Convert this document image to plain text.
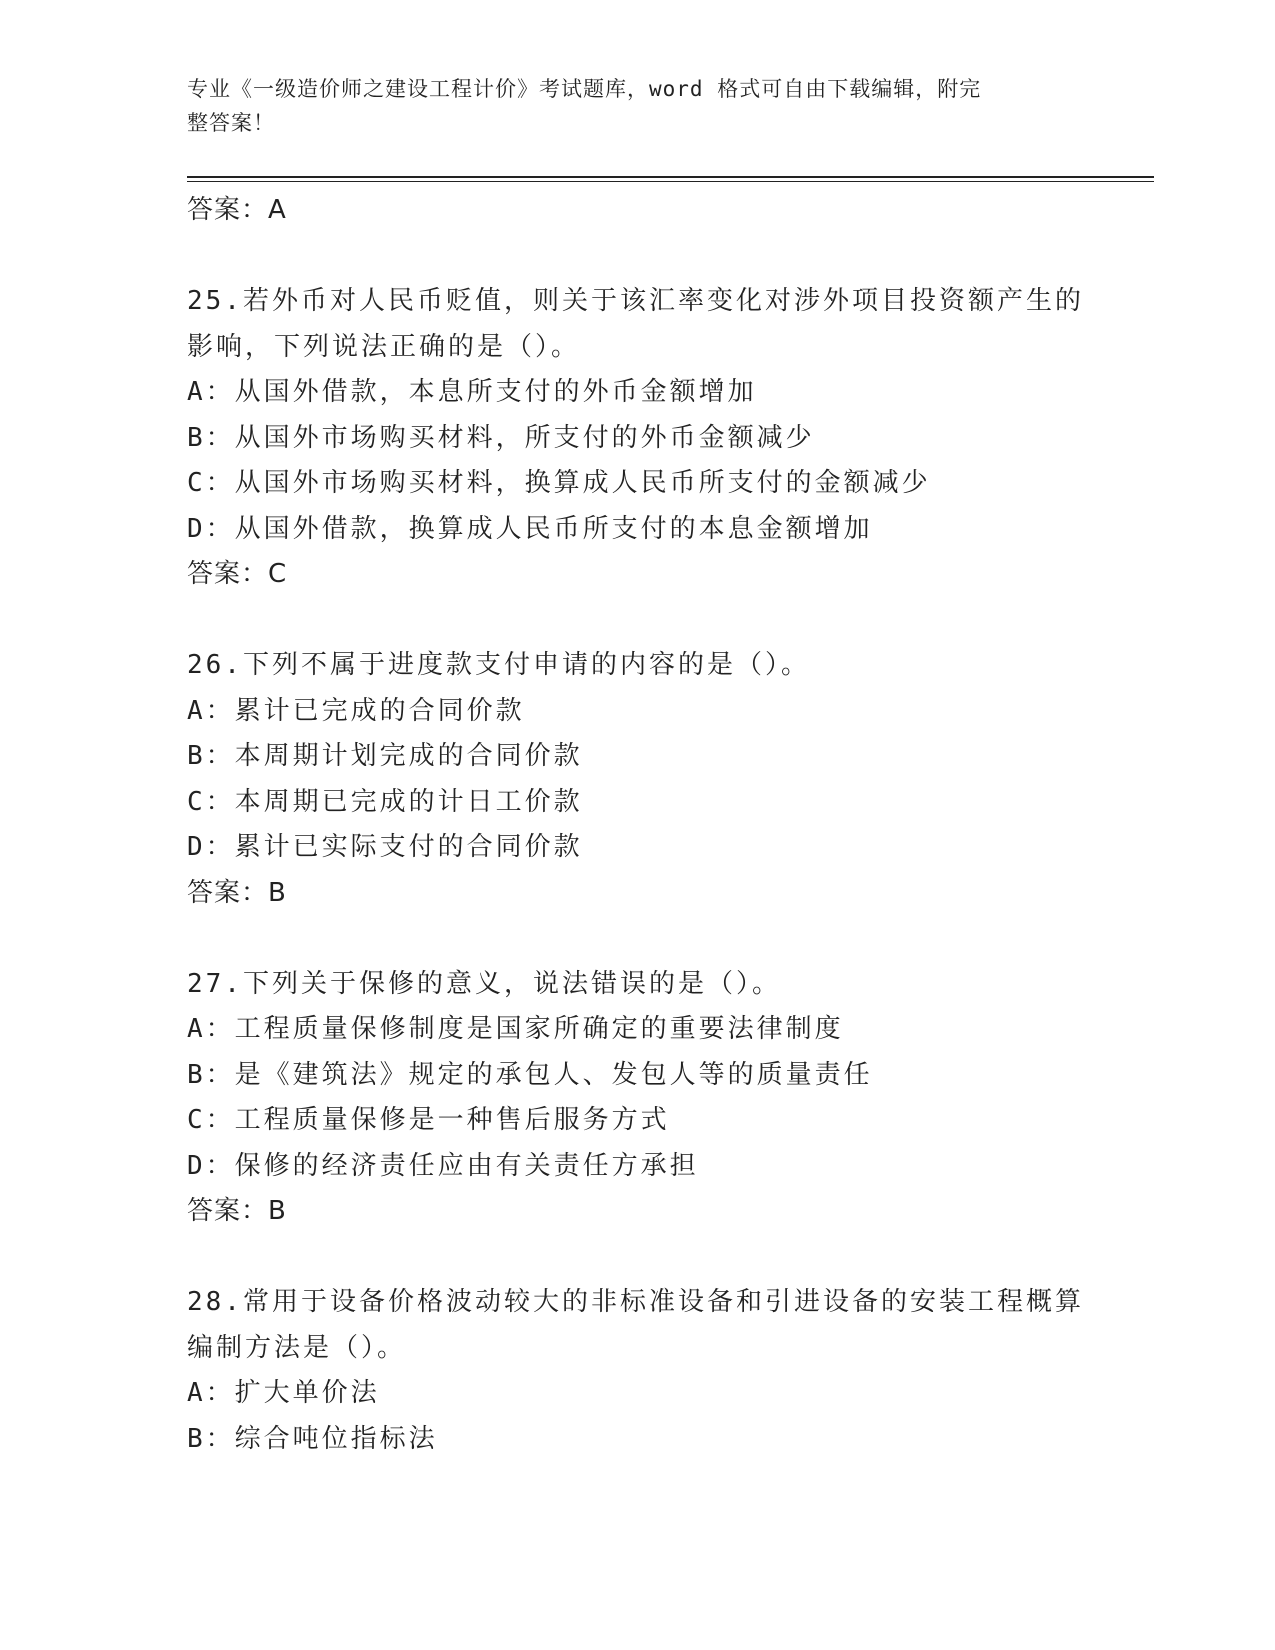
专业《一级造价师之建设工程计价》考试题库，word 格式可自由下载编辑，附完
整答案！
答案：A
25.若外币对人民币贬值，则关于该汇率变化对涉外项目投资额产生的
影响，下列说法正确的是（）。
A：从国外借款，本息所支付的外币金额增加
B：从国外市场购买材料，所支付的外币金额减少
C：从国外市场购买材料，换算成人民币所支付的金额减少
D：从国外借款，换算成人民币所支付的本息金额增加
答案：C
26.下列不属于进度款支付申请的内容的是（）。
A：累计已完成的合同价款
B：本周期计划完成的合同价款
C：本周期已完成的计日工价款
D：累计已实际支付的合同价款
答案：B
27.下列关于保修的意义，说法错误的是（）。
A：工程质量保修制度是国家所确定的重要法律制度
B：是《建筑法》规定的承包人、发包人等的质量责任
C：工程质量保修是一种售后服务方式
D：保修的经济责任应由有关责任方承担
答案：B
28.常用于设备价格波动较大的非标准设备和引进设备的安装工程概算
编制方法是（）。
A：扩大单价法
B：综合吨位指标法
